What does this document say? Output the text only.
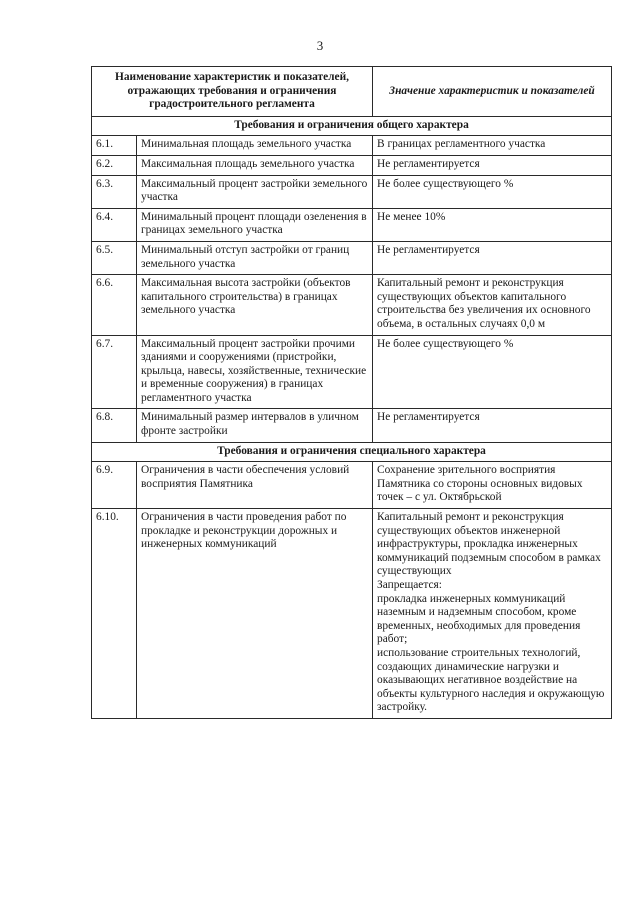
3
Наименование характеристик и показателей, отражающих требования и ограничения градостроительного регламента		Значение характеристик и показателей
Требования и ограничения общего характера		
6.1.	Минимальная площадь земельного участка	В границах регламентного участка
6.2.	Максимальная площадь земельного участка	Не регламентируется
6.3.	Максимальный процент застройки земельного участка	Не более существующего %
6.4.	Минимальный процент площади озеленения в границах земельного участка	Не менее 10%
6.5.	Минимальный отступ застройки от границ земельного участка	Не регламентируется
6.6.	Максимальная высота застройки (объектов капитального строительства) в границах земельного участка	Капитальный ремонт и реконструкция существующих объектов капитального строительства без увеличения их основного объема, в остальных случаях 0,0 м
6.7.	Максимальный процент застройки прочими зданиями и сооружениями (пристройки, крыльца, навесы, хозяйственные, технические и временные сооружения) в границах регламентного участка	Не более существующего %
6.8.	Минимальный размер интервалов в уличном фронте застройки	Не регламентируется
Требования и ограничения специального характера		
6.9.	Ограничения в части обеспечения условий восприятия Памятника	Сохранение зрительного восприятия Памятника со стороны основных видовых точек – с ул. Октябрьской
6.10.	Ограничения в части проведения работ по прокладке и реконструкции дорожных и инженерных коммуникаций	Капитальный ремонт и реконструкция существующих объектов инженерной инфраструктуры, прокладка инженерных коммуникаций подземным способом в рамках существующих
Запрещается:
прокладка инженерных коммуникаций наземным и надземным способом, кроме временных, необходимых для проведения работ;
использование строительных технологий, создающих динамические нагрузки и оказывающих негативное воздействие на объекты культурного наследия и окружающую застройку.
